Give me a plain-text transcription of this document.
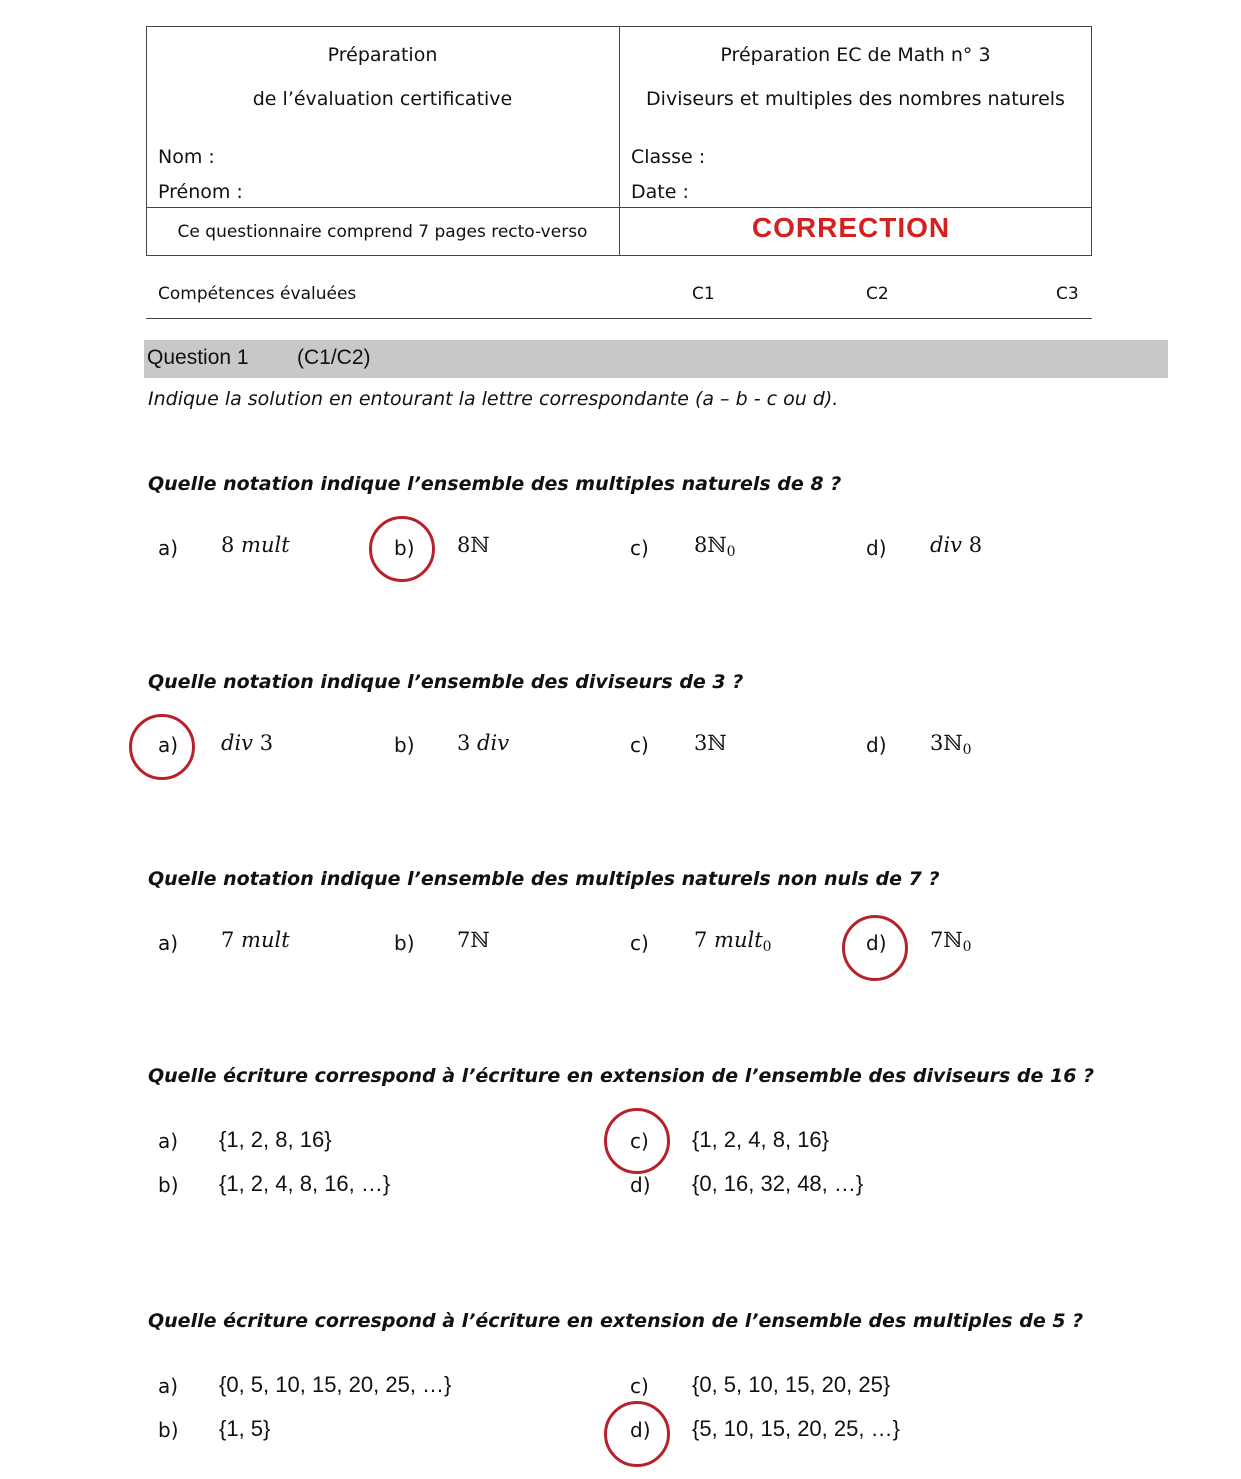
Préparation
de l’évaluation certificative
Préparation EC de Math n° 3
Diviseurs et multiples des nombres naturels
Nom :
Prénom :
Classe :
Date :
Ce questionnaire comprend 7 pages recto-verso	CORRECTION
Compétences évaluées	C1	C2	C3
Question 1 (C1/C2)
Indique la solution en entourant la lettre correspondante (a – b - c ou d).
Quelle notation indique l’ensemble des multiples naturels de 8 ?
a) 8 mult	b) 8ℕ	c) 8ℕ$_0$	d) div 8
Quelle notation indique l’ensemble des diviseurs de 3 ?
a) div 3	b) 3 div	c) 3ℕ	d) 3ℕ$_0$
Quelle notation indique l’ensemble des multiples naturels non nuls de 7 ?
a) 7 mult	b) 7ℕ	c) 7 mult$_0$	d) 7ℕ$_0$
Quelle écriture correspond à l’écriture en extension de l’ensemble des diviseurs de 16 ?
a) {1, 2, 8, 16}
b) {1, 2, 4, 8, 16, …}
c) {1, 2, 4, 8, 16}
d) {0, 16, 32, 48, …}
Quelle écriture correspond à l’écriture en extension de l’ensemble des multiples de 5 ?
a) {0, 5, 10, 15, 20, 25, …}
b) {1, 5}
c) {0, 5, 10, 15, 20, 25}
d) {5, 10, 15, 20, 25, …}
